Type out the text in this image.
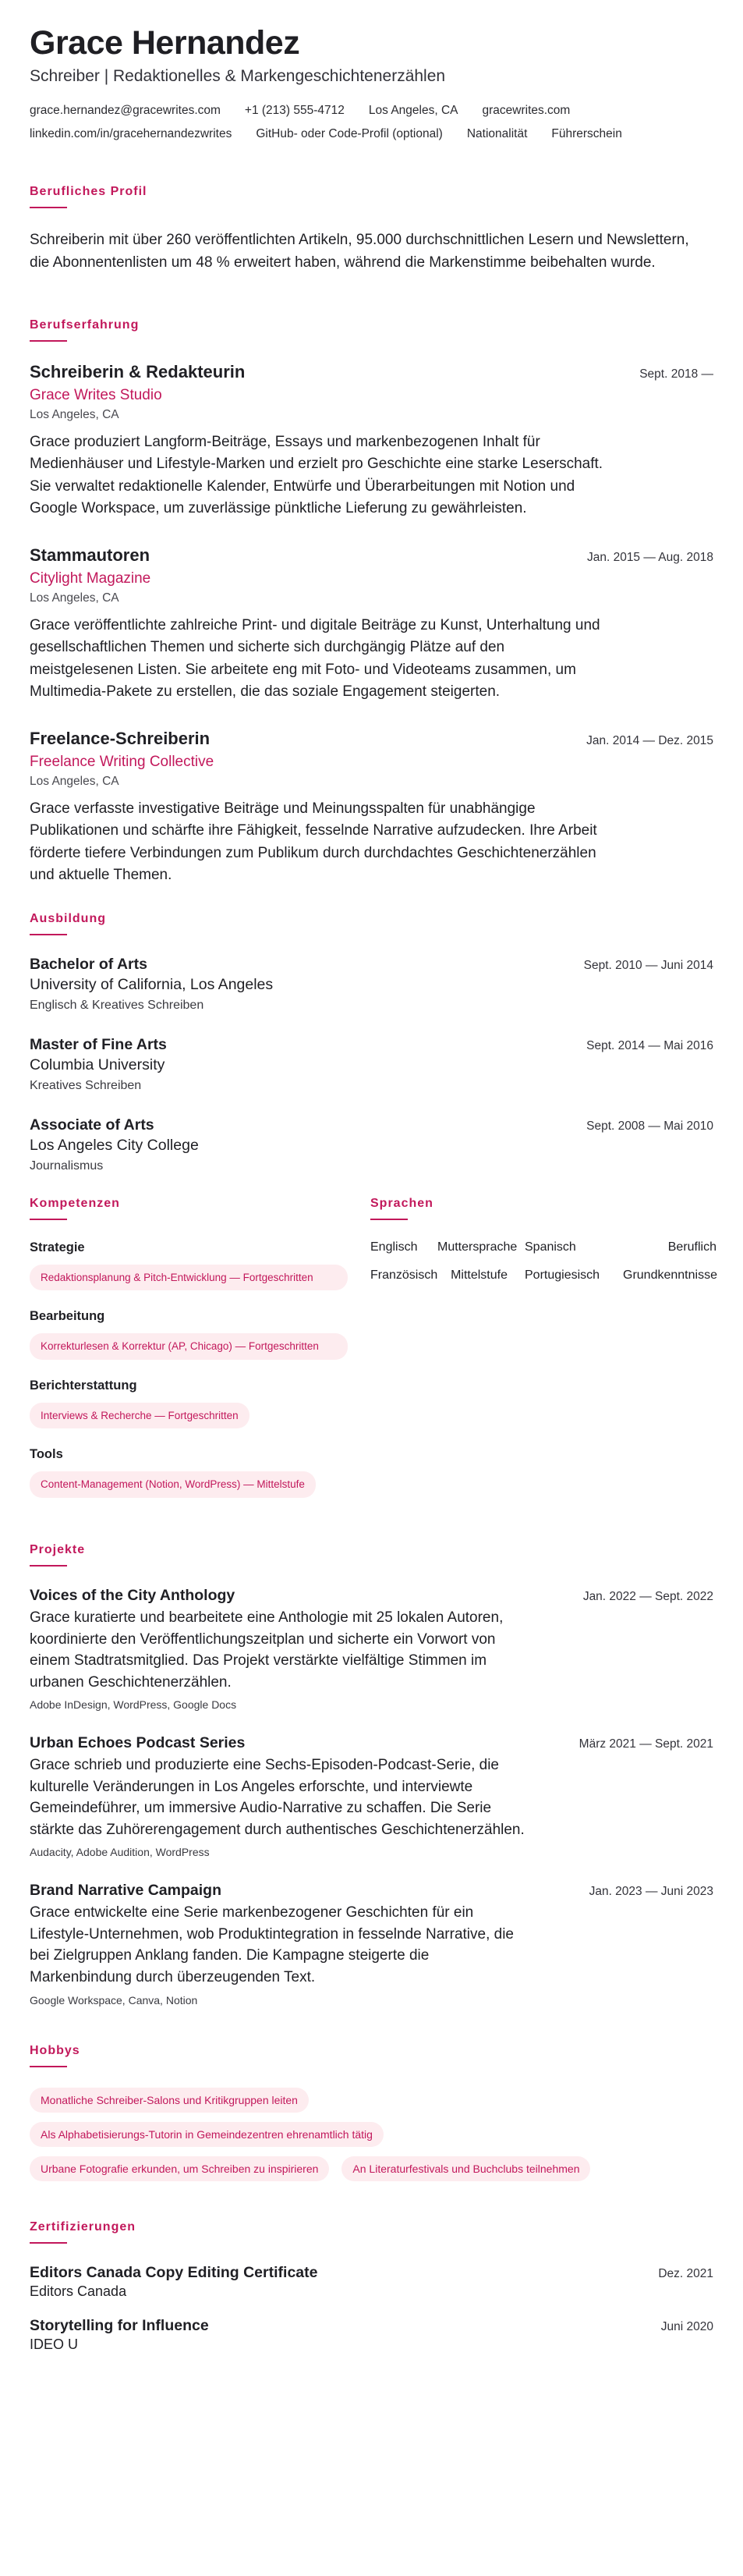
Grace Hernandez
Schreiber | Redaktionelles & Markengeschichtenerzählen
grace.hernandez@gracewrites.com +1 (213) 555-4712 Los Angeles, CA gracewrites.com
linkedin.com/in/gracehernandezwrites GitHub- oder Code-Profil (optional) Nationalität Führerschein
Berufliches Profil

Schreiberin mit über 260 veröffentlichten Artikeln, 95.000 durchschnittlichen Lesern und Newslettern, die Abonnentenlisten um 48 % erweitert haben, während die Markenstimme beibehalten wurde.

Berufserfahrung
Schreiberin & Redakteurin	Sept. 2018 —
Grace Writes Studio
Los Angeles, CA

Grace produziert Langform-Beiträge, Essays und markenbezogenen Inhalt für Medienhäuser und Lifestyle-Marken und erzielt pro Geschichte eine starke Leserschaft. Sie verwaltet redaktionelle Kalender, Entwürfe und Überarbeitungen mit Notion und Google Workspace, um zuverlässige pünktliche Lieferung zu gewährleisten.

Stammautoren	Jan. 2015 — Aug. 2018
Citylight Magazine
Los Angeles, CA

Grace veröffentlichte zahlreiche Print- und digitale Beiträge zu Kunst, Unterhaltung und gesellschaftlichen Themen und sicherte sich durchgängig Plätze auf den meistgelesenen Listen. Sie arbeitete eng mit Foto- und Videoteams zusammen, um Multimedia-Pakete zu erstellen, die das soziale Engagement steigerten.

Freelance-Schreiberin	Jan. 2014 — Dez. 2015
Freelance Writing Collective
Los Angeles, CA

Grace verfasste investigative Beiträge und Meinungsspalten für unabhängige Publikationen und schärfte ihre Fähigkeit, fesselnde Narrative aufzudecken. Ihre Arbeit förderte tiefere Verbindungen zum Publikum durch durchdachtes Geschichtenerzählen und aktuelle Themen.

Ausbildung
Bachelor of Arts	Sept. 2010 — Juni 2014
University of California, Los Angeles
Englisch & Kreatives Schreiben
Master of Fine Arts	Sept. 2014 — Mai 2016
Columbia University
Kreatives Schreiben
Associate of Arts	Sept. 2008 — Mai 2010
Los Angeles City College
Journalismus
Kompetenzen
Strategie
Redaktionsplanung & Pitch-Entwicklung — Fortgeschritten
Bearbeitung
Korrekturlesen & Korrektur (AP, Chicago) — Fortgeschritten
Berichterstattung
Interviews & Recherche — Fortgeschritten
Tools
Content-Management (Notion, WordPress) — Mittelstufe
Sprachen
Englisch	Muttersprache Spanisch	Beruflich
Französisch	Mittelstufe	Portugiesisch	Grundkenntnisse
Projekte
Voices of the City Anthology	Jan. 2022 — Sept. 2022

Grace kuratierte und bearbeitete eine Anthologie mit 25 lokalen Autoren, koordinierte den Veröffentlichungszeitplan und sicherte ein Vorwort von einem Stadtratsmitglied. Das Projekt verstärkte vielfältige Stimmen im urbanen Geschichtenerzählen.

Adobe InDesign, WordPress, Google Docs
Urban Echoes Podcast Series	März 2021 — Sept. 2021

Grace schrieb und produzierte eine Sechs-Episoden-Podcast-Serie, die kulturelle Veränderungen in Los Angeles erforschte, und interviewte Gemeindeführer, um immersive Audio-Narrative zu schaffen. Die Serie stärkte das Zuhörerengagement durch authentisches Geschichtenerzählen.

Audacity, Adobe Audition, WordPress
Brand Narrative Campaign	Jan. 2023 — Juni 2023

Grace entwickelte eine Serie markenbezogener Geschichten für ein Lifestyle-Unternehmen, wob Produktintegration in fesselnde Narrative, die bei Zielgruppen Anklang fanden. Die Kampagne steigerte die Markenbindung durch überzeugenden Text.

Google Workspace, Canva, Notion
Hobbys
Monatliche Schreiber-Salons und Kritikgruppen leiten
Als Alphabetisierungs-Tutorin in Gemeindezentren ehrenamtlich tätig
Urbane Fotografie erkunden, um Schreiben zu inspirieren	An Literaturfestivals und Buchclubs teilnehmen
Zertifizierungen
Editors Canada Copy Editing Certificate	Dez. 2021
Editors Canada
Storytelling for Influence	Juni 2020
IDEO U
